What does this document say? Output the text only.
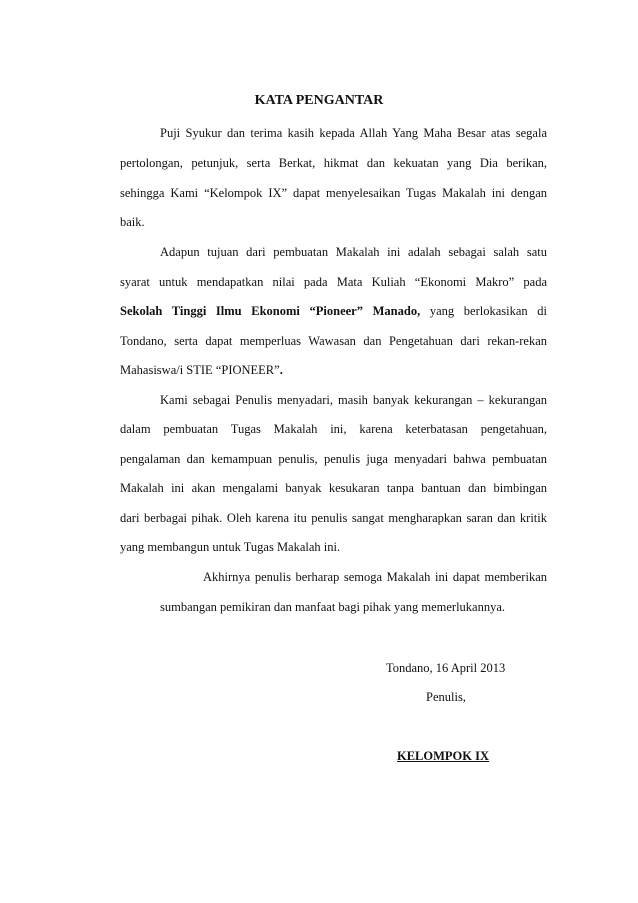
KATA PENGANTAR
Puji Syukur dan terima kasih kepada Allah Yang Maha Besar atas segala
pertolongan, petunjuk, serta Berkat, hikmat dan kekuatan yang Dia berikan,
sehingga Kami “Kelompok IX” dapat menyelesaikan Tugas Makalah ini dengan
baik.
Adapun tujuan dari pembuatan Makalah ini adalah sebagai salah satu
syarat untuk mendapatkan nilai pada Mata Kuliah “Ekonomi Makro” pada
Sekolah Tinggi Ilmu Ekonomi “Pioneer” Manado, yang berlokasikan di
Tondano, serta dapat memperluas Wawasan dan Pengetahuan dari rekan-rekan
Mahasiswa/i STIE “PIONEER”.
Kami sebagai Penulis menyadari, masih banyak kekurangan – kekurangan
dalam pembuatan Tugas Makalah ini, karena keterbatasan pengetahuan,
pengalaman dan kemampuan penulis, penulis juga menyadari bahwa pembuatan
Makalah ini akan mengalami banyak kesukaran tanpa bantuan dan bimbingan
dari berbagai pihak. Oleh karena itu penulis sangat mengharapkan saran dan kritik
yang membangun untuk Tugas Makalah ini.
Akhirnya penulis berharap semoga Makalah ini dapat memberikan
sumbangan pemikiran dan manfaat bagi pihak yang memerlukannya.
Tondano, 16 April 2013
Penulis,
KELOMPOK IX
